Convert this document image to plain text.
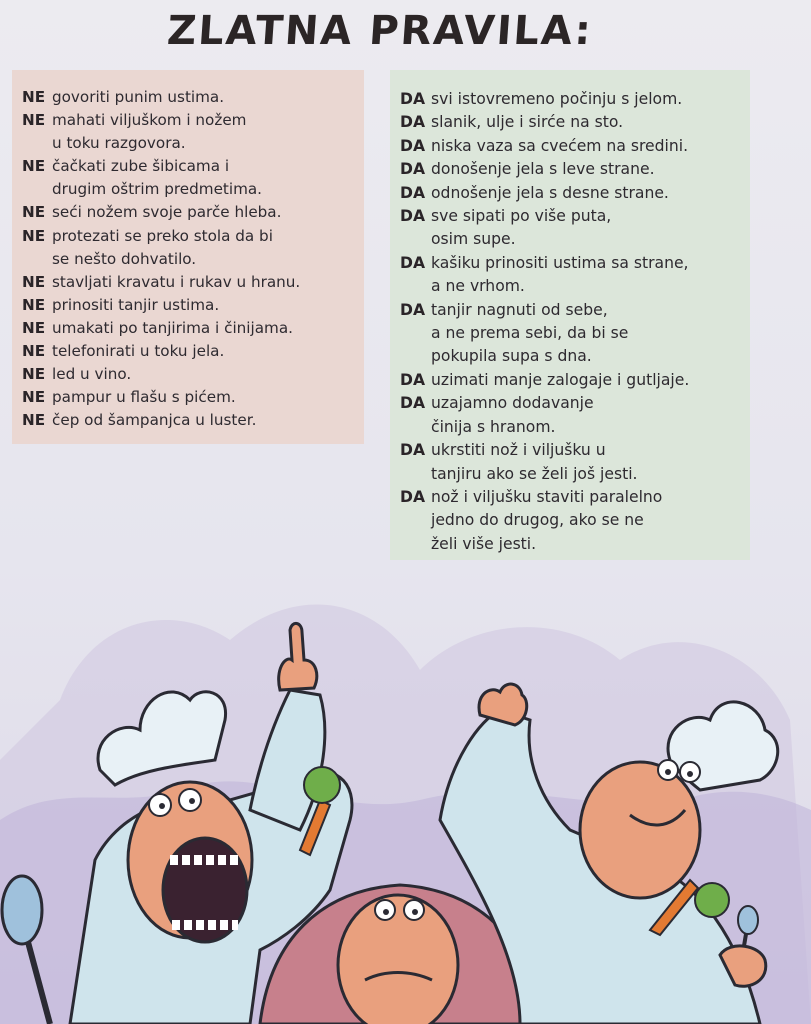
ZLATNA PRAVILA:
NE govoriti punim ustima.
NE mahati viljuškom i nožem
u toku razgovora.
NE čačkati zube šibicama i
drugim oštrim predmetima.
NE seći nožem svoje parče hleba.
NE protezati se preko stola da bi
se nešto dohvatilo.
NE stavljati kravatu i rukav u hranu.
NE prinositi tanjir ustima.
NE umakati po tanjirima i činijama.
NE telefonirati u toku jela.
NE led u vino.
NE pampur u flašu s pićem.
NE čep od šampanjca u luster.
DA svi istovremeno počinju s jelom.
DA slanik, ulje i sirće na sto.
DA niska vaza sa cvećem na sredini.
DA donošenje jela s leve strane.
DA odnošenje jela s desne strane.
DA sve sipati po više puta,
osim supe.
DA kašiku prinositi ustima sa strane,
a ne vrhom.
DA tanjir nagnuti od sebe,
a ne prema sebi, da bi se
pokupila supa s dna.
DA uzimati manje zalogaje i gutljaje.
DA uzajamno dodavanje
činija s hranom.
DA ukrstiti nož i viljušku u
tanjiru ako se želi još jesti.
DA nož i viljušku staviti paralelno
jedno do drugog, ako se ne
želi više jesti.
